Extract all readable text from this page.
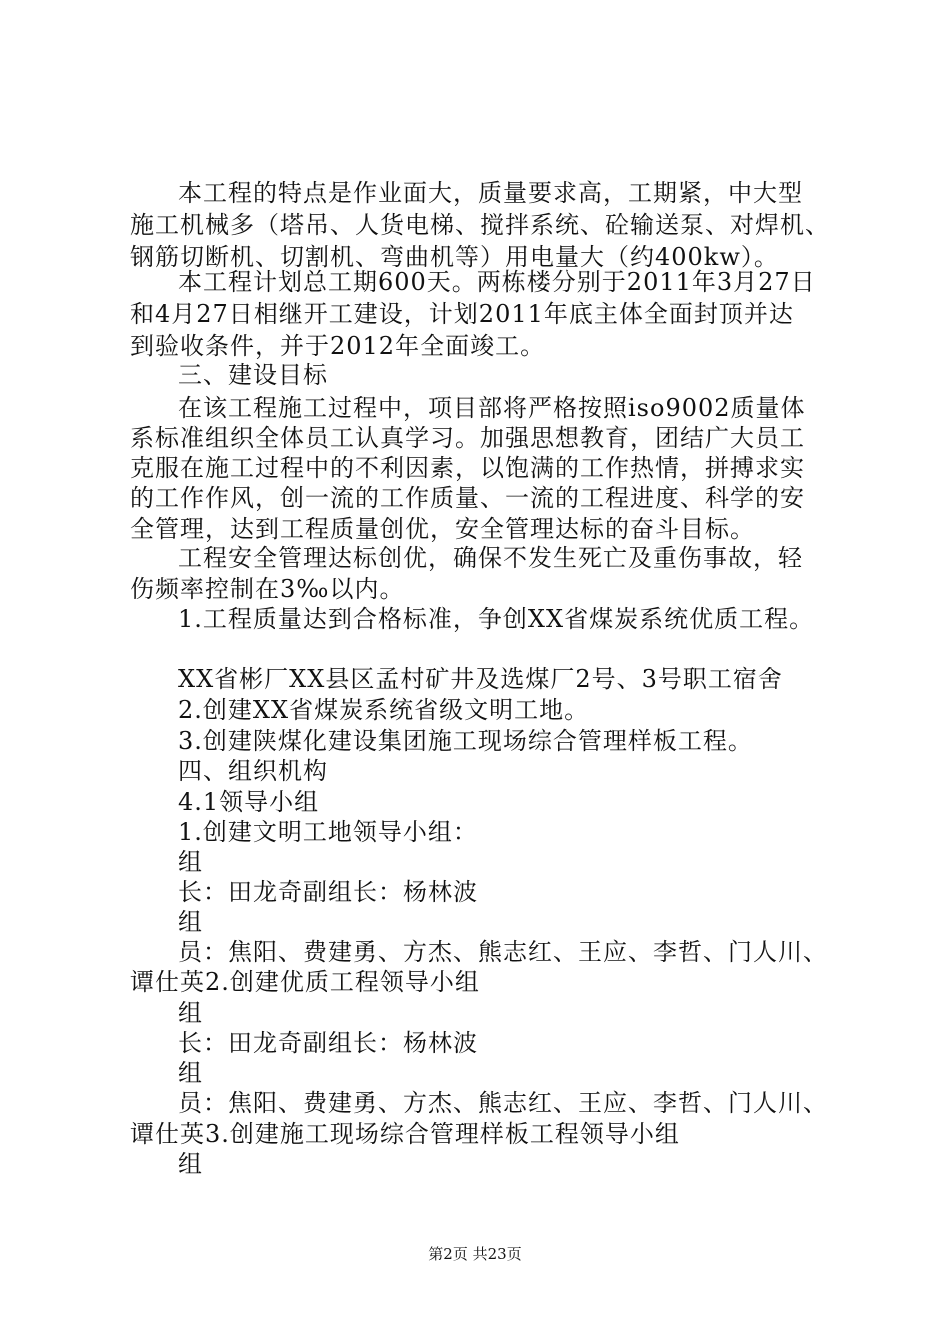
本工程的特点是作业面大，质量要求高，工期紧，中大型
施工机械多（塔吊、人货电梯、搅拌系统、砼输送泵、对焊机、
钢筋切断机、切割机、弯曲机等）用电量大（约400kw）。
本工程计划总工期600天。两栋楼分别于2011年3月27日
和4月27日相继开工建设，计划2011年底主体全面封顶并达
到验收条件，并于2012年全面竣工。
三、建设目标
在该工程施工过程中，项目部将严格按照iso9002质量体
系标准组织全体员工认真学习。加强思想教育，团结广大员工
克服在施工过程中的不利因素，以饱满的工作热情，拼搏求实
的工作作风，创一流的工作质量、一流的工程进度、科学的安
全管理，达到工程质量创优，安全管理达标的奋斗目标。
工程安全管理达标创优，确保不发生死亡及重伤事故，轻
伤频率控制在3‰以内。
1.工程质量达到合格标准，争创XX省煤炭系统优质工程。
XX省彬厂XX县区孟村矿井及选煤厂2号、3号职工宿舍
2.创建XX省煤炭系统省级文明工地。
3.创建陕煤化建设集团施工现场综合管理样板工程。
四、组织机构
4.1领导小组
1.创建文明工地领导小组：
组
长：田龙奇副组长：杨林波
组
员：焦阳、费建勇、方杰、熊志红、王应、李哲、门人川、
谭仕英2.创建优质工程领导小组
组
长：田龙奇副组长：杨林波
组
员：焦阳、费建勇、方杰、熊志红、王应、李哲、门人川、
谭仕英3.创建施工现场综合管理样板工程领导小组
组
第2页 共23页
